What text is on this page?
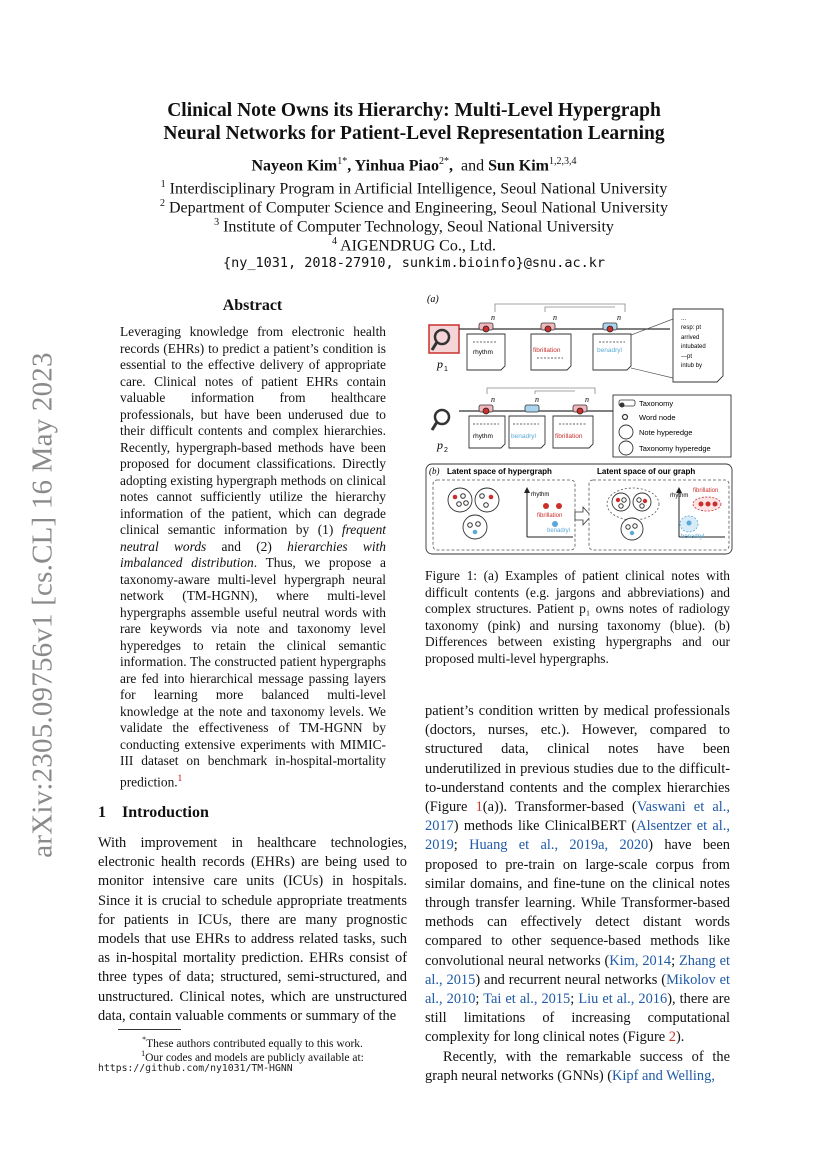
arXiv:2305.09756v1 [cs.CL] 16 May 2023
Clinical Note Owns its Hierarchy: Multi-Level Hypergraph
Neural Networks for Patient-Level Representation Learning
Nayeon Kim$^{1*}$, Yinhua Piao$^{2*}$,  and Sun Kim$^{1,2,3,4}$
$^1$ Interdisciplinary Program in Artificial Intelligence, Seoul National University
$^2$ Department of Computer Science and Engineering, Seoul National University
$^3$ Institute of Computer Technology, Seoul National University
$^4$ AIGENDRUG Co., Ltd.
{ny_1031, 2018-27910, sunkim.bioinfo}@snu.ac.kr
Abstract
Leveraging knowledge from electronic health records (EHRs) to predict a patient’s condition is essential to the effective delivery of appropriate care. Clinical notes of patient EHRs contain valuable information from healthcare professionals, but have been underused due to their difficult contents and complex hierarchies. Recently, hypergraph-based methods have been proposed for document classifications. Directly adopting existing hypergraph methods on clinical notes cannot sufficiently utilize the hierarchy information of the patient, which can degrade clinical semantic information by (1) frequent neutral words and (2) hierarchies with imbalanced distribution. Thus, we propose a taxonomy-aware multi-level hypergraph neural network (TM-HGNN), where multi-level hypergraphs assemble useful neutral words with rare keywords via note and taxonomy level hyperedges to retain the clinical semantic information. The constructed patient hypergraphs are fed into hierarchical message passing layers for learning more balanced multi-level knowledge at the note and taxonomy levels. We validate the effectiveness of TM-HGNN by conducting extensive experiments with MIMIC-III dataset on benchmark in-hospital-mortality prediction.$^1$
1 Introduction
With improvement in healthcare technologies, electronic health records (EHRs) are being used to monitor intensive care units (ICUs) in hospitals. Since it is crucial to schedule appropriate treatments for patients in ICUs, there are many prognostic models that use EHRs to address related tasks, such as in-hospital mortality prediction. EHRs consist of three types of data; structured, semi-structured, and unstructured. Clinical notes, which are unstructured data, contain valuable comments or summary of the
*These authors contributed equally to this work.
$^1$Our codes and models are publicly available at:
https://github.com/ny1031/TM-HGNN
(a)
p 1
n
rhythm
n
fibrillation
n
benadryl
...
resp: pt
arrived
intubated
---pt
intub by
p 2
n
rhythm
n
benadryl
n
fibrillation
Taxonomy
Word node
Note hyperedge
Taxonomy hyperedge
(b) Latent space of hypergraph	Latent space of our graph
rhythm
fibrillation
benadryl
fibrillation
rhythm
benadryl
Figure 1: (a) Examples of patient clinical notes with difficult contents (e.g. jargons and abbreviations) and complex structures. Patient p₁ owns notes of radiology taxonomy (pink) and nursing taxonomy (blue). (b) Differences between existing hypergraphs and our proposed multi-level hypergraphs.

patient’s condition written by medical professionals (doctors, nurses, etc.). However, compared to structured data, clinical notes have been underutilized in previous studies due to the difficult-to-understand contents and the complex hierarchies (Figure 1(a)). Transformer-based (Vaswani et al., 2017) methods like ClinicalBERT (Alsentzer et al., 2019; Huang et al., 2019a, 2020) have been proposed to pre-train on large-scale corpus from similar domains, and fine-tune on the clinical notes through transfer learning. While Transformer-based methods can effectively detect distant words compared to other sequence-based methods like convolutional neural networks (Kim, 2014; Zhang et al., 2015) and recurrent neural networks (Mikolov et al., 2010; Tai et al., 2015; Liu et al., 2016), there are still limitations of increasing computational complexity for long clinical notes (Figure 2).

Recently, with the remarkable success of the graph neural networks (GNNs) (Kipf and Welling,
